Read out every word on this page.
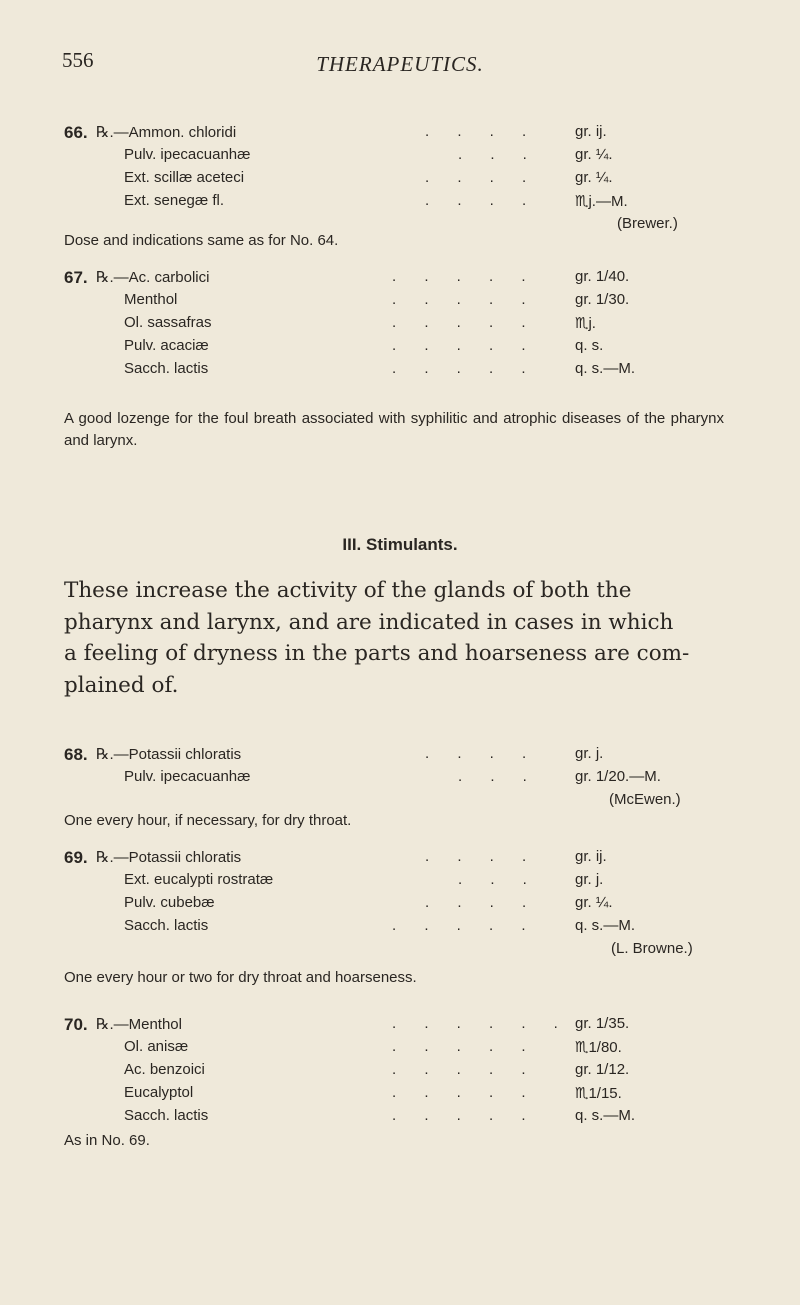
556	THERAPEUTICS.
66. ℞.—Ammon. chloridi	. . . . gr. ij.
Pulv. ipecacuanhæ	. . . gr. ¼.
Ext. scillæ aceteci	. . . . gr. ¼.
Ext. senegæ fl.	. . . . ♏j.—M.
(Brewer.)
Dose and indications same as for No. 64.
67. ℞.—Ac. carbolici	. . . . . gr. 1/40.
Menthol	. . . . . gr. 1/30.
Ol. sassafras	. . . . . ♏j.
Pulv. acaciæ	. . . . . q. s.
Sacch. lactis	. . . . . q. s.—M.
A good lozenge for the foul breath associated with syphilitic and atrophic diseases of the pharynx and larynx.
III. Stimulants.
These increase the activity of the glands of both the
pharynx and larynx, and are indicated in cases in which
a feeling of dryness in the parts and hoarseness are com-
plained of.
68. ℞.—Potassii chloratis	. . . . gr. j.
Pulv. ipecacuanhæ	. . . gr. 1/20.—M.
(McEwen.)
One every hour, if necessary, for dry throat.
69. ℞.—Potassii chloratis	. . . . gr. ij.
Ext. eucalypti rostratæ	. . . gr. j.
Pulv. cubebæ	. . . . gr. ¼.
Sacch. lactis	. . . . . q. s.—M.
(L. Browne.)
One every hour or two for dry throat and hoarseness.
70. ℞.—Menthol	. . . . . . gr. 1/35.
Ol. anisæ	. . . . . ♏1/80.
Ac. benzoici	. . . . . gr. 1/12.
Eucalyptol	. . . . . ♏1/15.
Sacch. lactis	. . . . . q. s.—M.
As in No. 69.
